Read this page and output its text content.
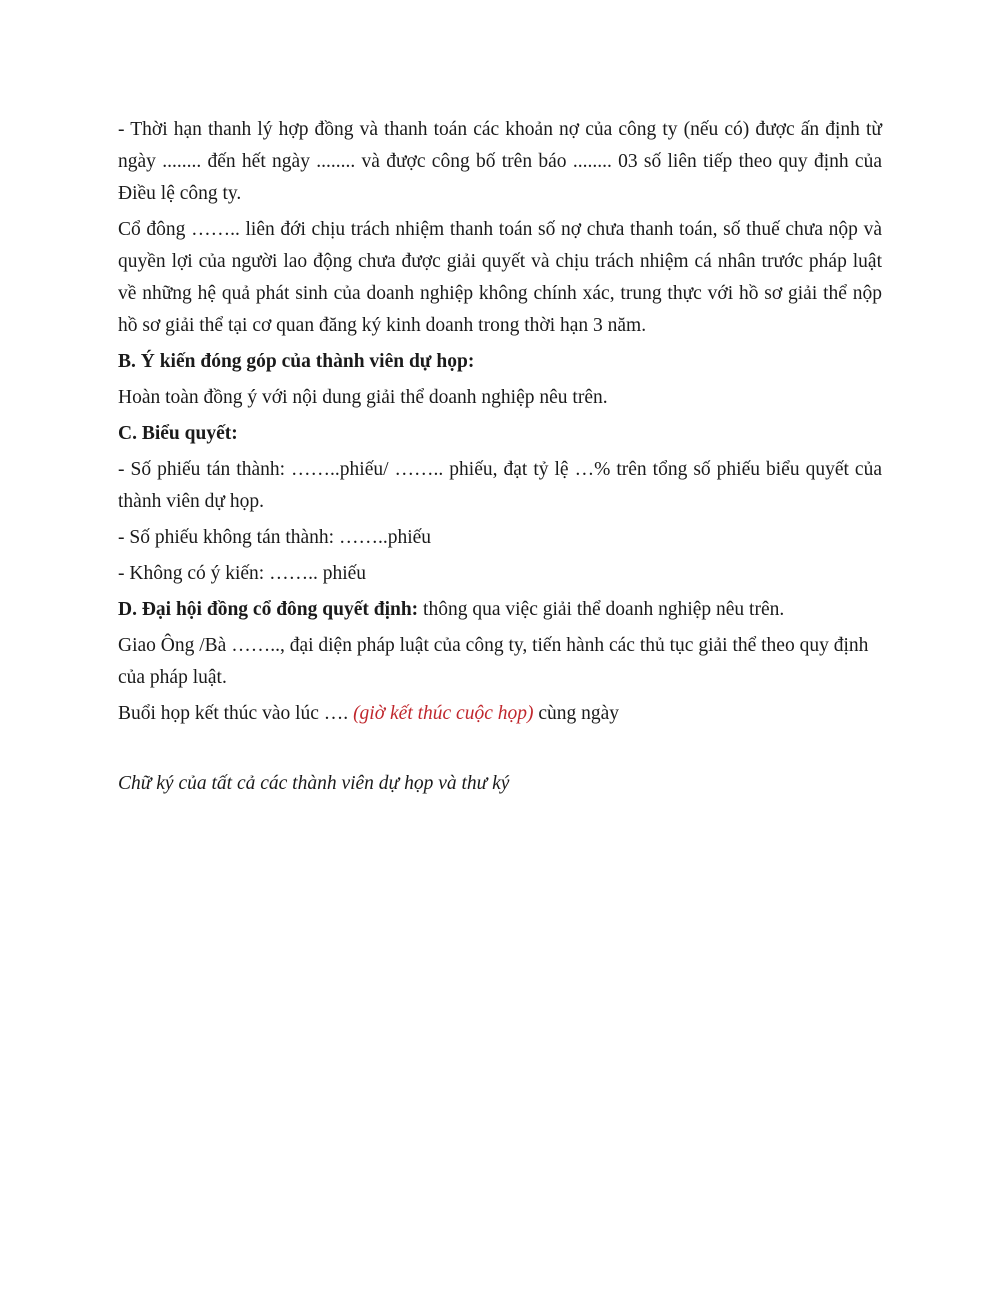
- Thời hạn thanh lý hợp đồng và thanh toán các khoản nợ của công ty (nếu có) được ấn định từ ngày ........ đến hết ngày ........ và được công bố trên báo ........ 03 số liên tiếp theo quy định của Điều lệ công ty.

Cổ đông …….. liên đới chịu trách nhiệm thanh toán số nợ chưa thanh toán, số thuế chưa nộp và quyền lợi của người lao động chưa được giải quyết và chịu trách nhiệm cá nhân trước pháp luật về những hệ quả phát sinh của doanh nghiệp không chính xác, trung thực với hồ sơ giải thể nộp hồ sơ giải thể tại cơ quan đăng ký kinh doanh trong thời hạn 3 năm.

B. Ý kiến đóng góp của thành viên dự họp:

Hoàn toàn đồng ý với nội dung giải thể doanh nghiệp nêu trên.

C. Biểu quyết:

- Số phiếu tán thành: ……..phiếu/ …….. phiếu, đạt tỷ lệ …% trên tổng số phiếu biểu quyết của thành viên dự họp.

- Số phiếu không tán thành: ……..phiếu

- Không có ý kiến: …….. phiếu

D. Đại hội đồng cổ đông quyết định: thông qua việc giải thể doanh nghiệp nêu trên.

Giao Ông /Bà …….., đại diện pháp luật của công ty, tiến hành các thủ tục giải thể theo quy định của pháp luật.

Buổi họp kết thúc vào lúc …. (giờ kết thúc cuộc họp) cùng ngày

Chữ ký của tất cả các thành viên dự họp và thư ký
